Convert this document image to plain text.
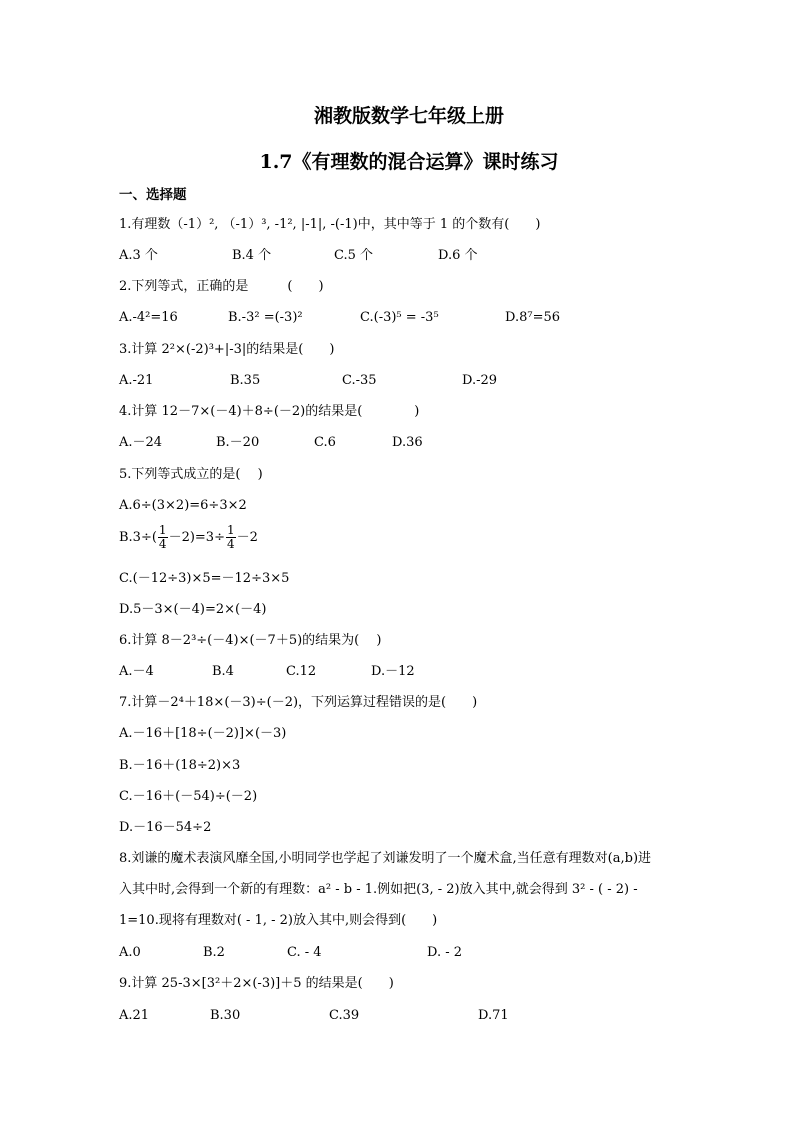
湘教版数学七年级上册
1.7《有理数的混合运算》课时练习
一、选择题
1.有理数（-1）², （-1）³, -1², |-1|, -(-1)中，其中等于 1 的个数有(　　)
A.3 个	B.4 个	C.5 个	D.6 个
2.下列等式，正确的是　　　(　　)
A.-4²=16	B.-3² =(-3)²	C.(-3)⁵ = -3⁵	D.8⁷=56
3.计算 2²×(-2)³+|-3|的结果是(　　)
A.-21	B.35	C.-35	D.-29
4.计算 12－7×(－4)＋8÷(－2)的结果是(　　　　)
A.－24	B.－20	C.6	D.36
5.下列等式成立的是(　 )
A.6÷(3×2)=6÷3×2
$B.3\div( \frac{1}{4} -2)=3\div \frac{1}{4} -2$
C.(－12÷3)×5=－12÷3×5
D.5－3×(－4)=2×(－4)
6.计算 8－2³÷(－4)×(－7＋5)的结果为(　 )
A.－4	B.4	C.12	D.－12
7.计算－2⁴＋18×(－3)÷(－2)，下列运算过程错误的是(　　)
A.－16＋[18÷(－2)]×(－3)
B.－16＋(18÷2)×3
C.－16＋(－54)÷(－2)
D.－16－54÷2
8.刘谦的魔术表演风靡全国,小明同学也学起了刘谦发明了一个魔术盒,当任意有理数对(a,b)进
入其中时,会得到一个新的有理数：a² - b - 1.例如把(3, - 2)放入其中,就会得到 3² - ( - 2) -
1=10.现将有理数对( - 1, - 2)放入其中,则会得到(　　)
A.0	B.2	C. - 4	D. - 2
9.计算 25-3×[3²＋2×(-3)]＋5 的结果是(　　)
A.21	B.30	C.39	D.71
